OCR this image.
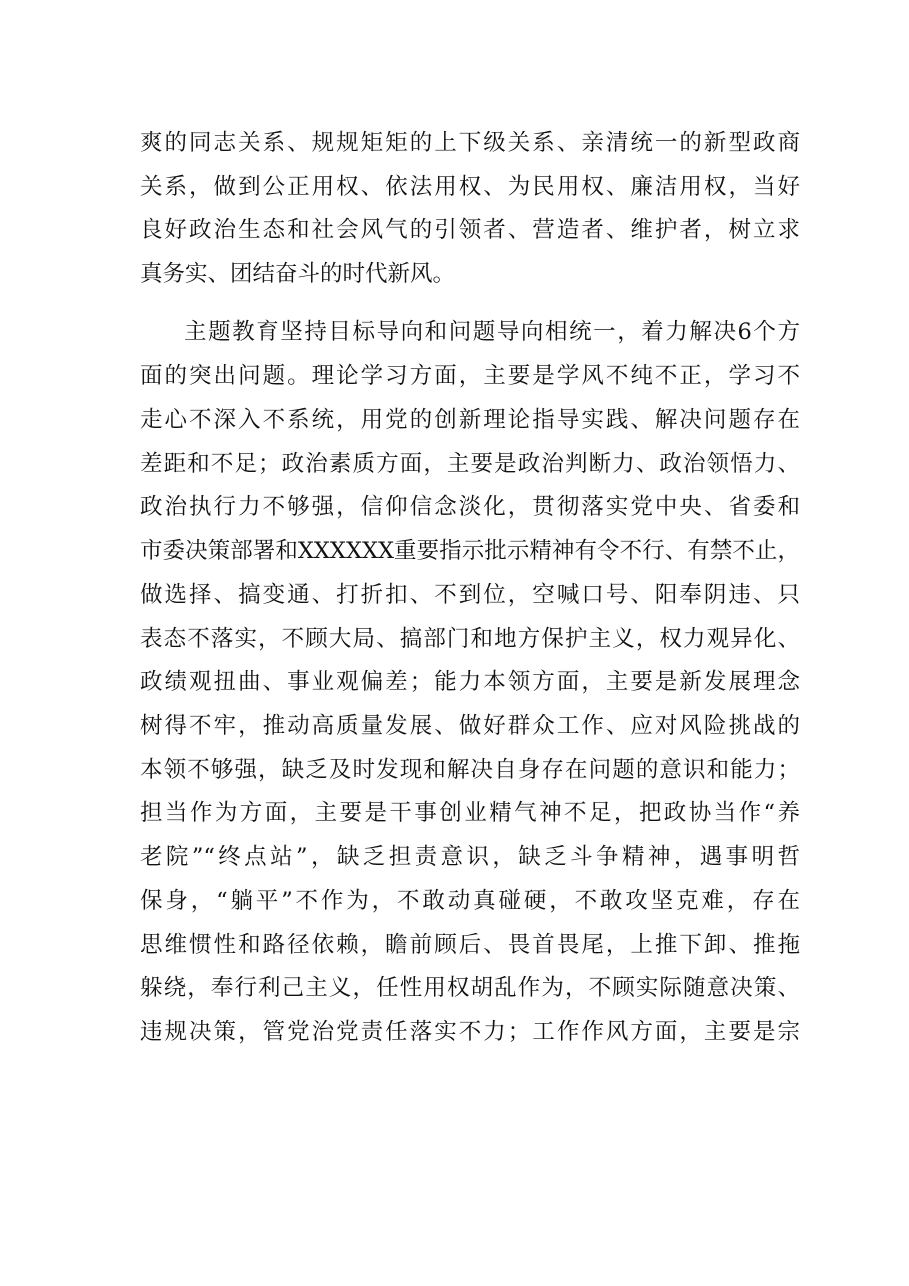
爽的同志关系、规规矩矩的上下级关系、亲清统一的新型政商
关系，做到公正用权、依法用权、为民用权、廉洁用权，当好
良好政治生态和社会风气的引领者、营造者、维护者，树立求
真务实、团结奋斗的时代新风。
主题教育坚持目标导向和问题导向相统一，着力解决6个方
面的突出问题。理论学习方面，主要是学风不纯不正，学习不
走心不深入不系统，用党的创新理论指导实践、解决问题存在
差距和不足；政治素质方面，主要是政治判断力、政治领悟力、
政治执行力不够强，信仰信念淡化，贯彻落实党中央、省委和
市委决策部署和XXXXXX重要指示批示精神有令不行、有禁不止，
做选择、搞变通、打折扣、不到位，空喊口号、阳奉阴违、只
表态不落实，不顾大局、搞部门和地方保护主义，权力观异化、
政绩观扭曲、事业观偏差；能力本领方面，主要是新发展理念
树得不牢，推动高质量发展、做好群众工作、应对风险挑战的
本领不够强，缺乏及时发现和解决自身存在问题的意识和能力；
担当作为方面，主要是干事创业精气神不足，把政协当作“养
老院”“终点站”，缺乏担责意识，缺乏斗争精神，遇事明哲
保身，“躺平”不作为，不敢动真碰硬，不敢攻坚克难，存在
思维惯性和路径依赖，瞻前顾后、畏首畏尾，上推下卸、推拖
躲绕，奉行利己主义，任性用权胡乱作为，不顾实际随意决策、
违规决策，管党治党责任落实不力；工作作风方面，主要是宗
